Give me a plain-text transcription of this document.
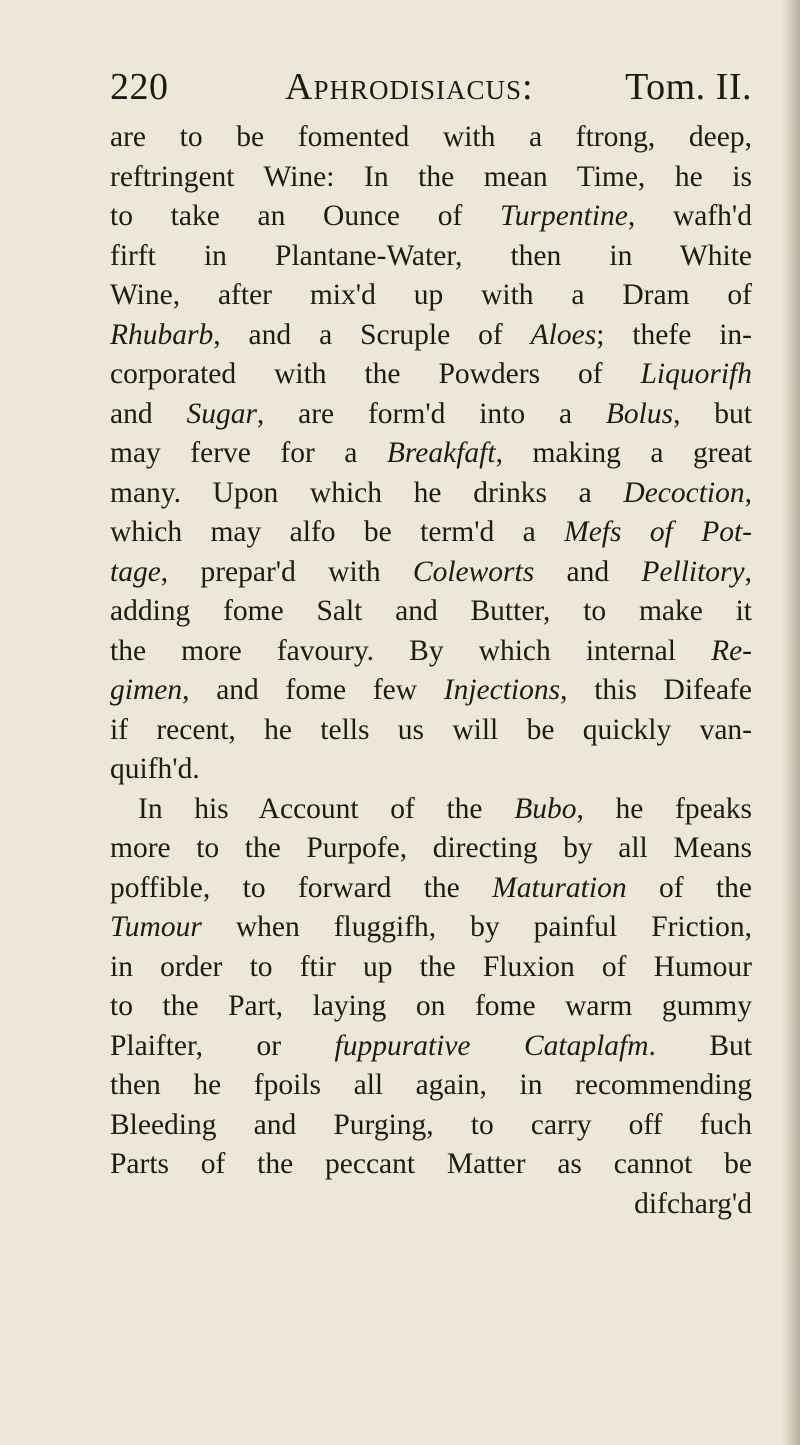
220	Aphrodisiacus: Tom. II.
are to be fomented with a ftrong, deep,
reftringent Wine: In the mean Time, he is
to take an Ounce of Turpentine, wafh'd
firft in Plantane-Water, then in White
Wine, after mix'd up with a Dram of
Rhubarb, and a Scruple of Aloes; thefe in-
corporated with the Powders of Liquorifh
and Sugar, are form'd into a Bolus, but
may ferve for a Breakfaft, making a great
many. Upon which he drinks a Decoction,
which may alfo be term'd a Mefs of Pot-
tage, prepar'd with Coleworts and Pellitory,
adding fome Salt and Butter, to make it
the more favoury. By which internal Re-
gimen, and fome few Injections, this Difeafe
if recent, he tells us will be quickly van-
quifh'd.
In his Account of the Bubo, he fpeaks
more to the Purpofe, directing by all Means
poffible, to forward the Maturation of the
Tumour when fluggifh, by painful Friction,
in order to ftir up the Fluxion of Humour
to the Part, laying on fome warm gummy
Plaifter, or fuppurative Cataplafm. But
then he fpoils all again, in recommending
Bleeding and Purging, to carry off fuch
Parts of the peccant Matter as cannot be
difcharg'd
